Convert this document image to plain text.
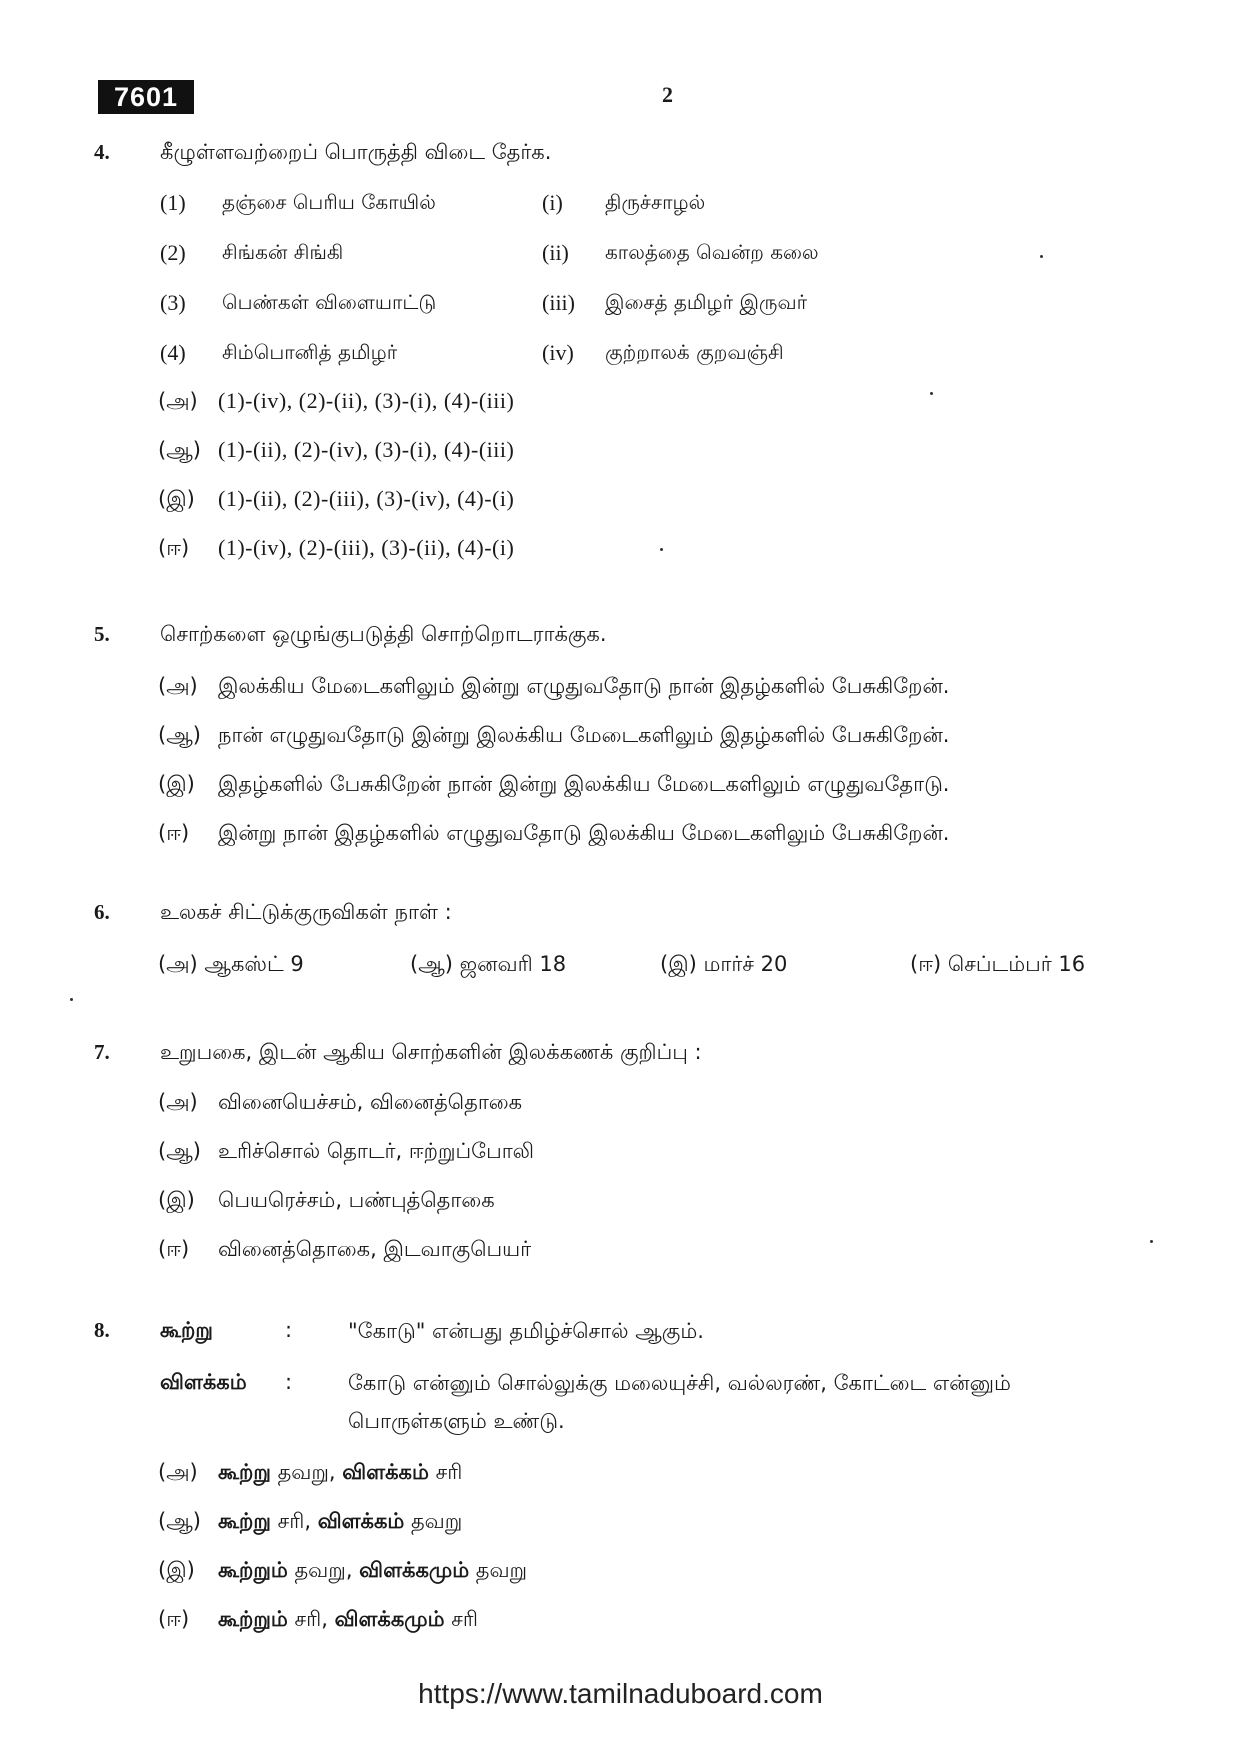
7601	2
4. கீழுள்ளவற்றைப் பொருத்தி விடை தேர்க.
(1) தஞ்சை பெரிய கோயில்	(i) திருச்சாழல்
(2) சிங்கன் சிங்கி	(ii) காலத்தை வென்ற கலை
(3) பெண்கள் விளையாட்டு	(iii) இசைத் தமிழர் இருவர்
(4) சிம்பொனித் தமிழர்	(iv) குற்றாலக் குறவஞ்சி
(அ) (1)-(iv), (2)-(ii), (3)-(i), (4)-(iii)
(ஆ) (1)-(ii), (2)-(iv), (3)-(i), (4)-(iii)
(இ) (1)-(ii), (2)-(iii), (3)-(iv), (4)-(i)
(ஈ) (1)-(iv), (2)-(iii), (3)-(ii), (4)-(i)
5. சொற்களை ஒழுங்குபடுத்தி சொற்றொடராக்குக.
(அ) இலக்கிய மேடைகளிலும் இன்று எழுதுவதோடு நான் இதழ்களில் பேசுகிறேன்.
(ஆ) நான் எழுதுவதோடு இன்று இலக்கிய மேடைகளிலும் இதழ்களில் பேசுகிறேன்.
(இ) இதழ்களில் பேசுகிறேன் நான் இன்று இலக்கிய மேடைகளிலும் எழுதுவதோடு.
(ஈ) இன்று நான் இதழ்களில் எழுதுவதோடு இலக்கிய மேடைகளிலும் பேசுகிறேன்.
6. உலகச் சிட்டுக்குருவிகள் நாள் :
(அ) ஆகஸ்ட் 9	(ஆ) ஜனவரி 18	(இ) மார்ச் 20	(ஈ) செப்டம்பர் 16
7. உறுபகை, இடன் ஆகிய சொற்களின் இலக்கணக் குறிப்பு :
(அ) வினையெச்சம், வினைத்தொகை
(ஆ) உரிச்சொல் தொடர், ஈற்றுப்போலி
(இ) பெயரெச்சம், பண்புத்தொகை
(ஈ) வினைத்தொகை, இடவாகுபெயர்
8. கூற்று	:	"கோடு" என்பது தமிழ்ச்சொல் ஆகும்.
விளக்கம் :	கோடு என்னும் சொல்லுக்கு மலையுச்சி, வல்லரண், கோட்டை என்னும்
பொருள்களும் உண்டு.
(அ) கூற்று தவறு, விளக்கம் சரி
(ஆ) கூற்று சரி, விளக்கம் தவறு
(இ) கூற்றும் தவறு, விளக்கமும் தவறு
(ஈ) கூற்றும் சரி, விளக்கமும் சரி
https://www.tamilnaduboard.com
